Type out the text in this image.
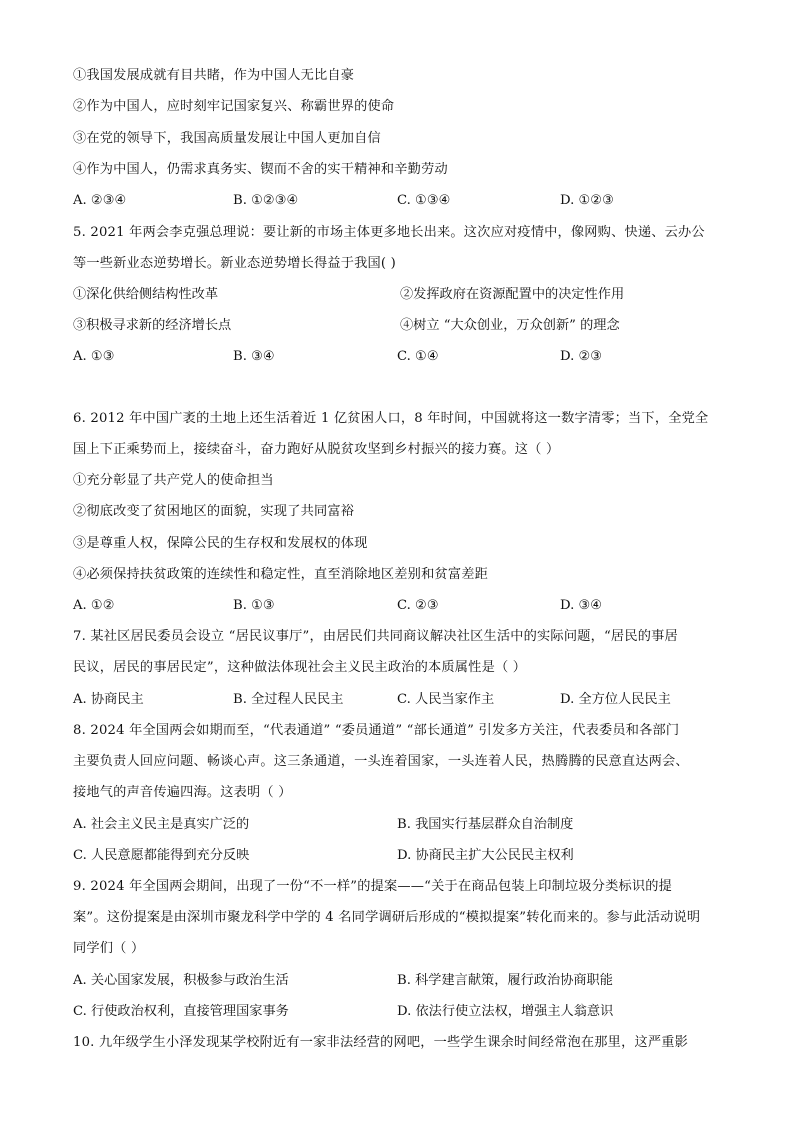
①我国发展成就有目共睹，作为中国人无比自豪
②作为中国人，应时刻牢记国家复兴、称霸世界的使命
③在党的领导下，我国高质量发展让中国人更加自信
④作为中国人，仍需求真务实、锲而不舍的实干精神和辛勤劳动
A. ②③④	B. ①②③④	C. ①③④	D. ①②③
5. 2021 年两会李克强总理说：要让新的市场主体更多地长出来。这次应对疫情中，像网购、快递、云办公
等一些新业态逆势增长。新业态逆势增长得益于我国( )
①深化供给侧结构性改革	②发挥政府在资源配置中的决定性作用
③积极寻求新的经济增长点	④树立 “大众创业，万众创新” 的理念
A. ①③	B. ③④	C. ①④	D. ②③
6. 2012 年中国广袤的土地上还生活着近 1 亿贫困人口，8 年时间，中国就将这一数字清零；当下，全党全
国上下正乘势而上，接续奋斗，奋力跑好从脱贫攻坚到乡村振兴的接力赛。这（ ）
①充分彰显了共产党人的使命担当
②彻底改变了贫困地区的面貌，实现了共同富裕
③是尊重人权，保障公民的生存权和发展权的体现
④必须保持扶贫政策的连续性和稳定性，直至消除地区差别和贫富差距
A. ①②	B. ①③	C. ②③	D. ③④
7. 某社区居民委员会设立 “居民议事厅”，由居民们共同商议解决社区生活中的实际问题，“居民的事居
民议，居民的事居民定”，这种做法体现社会主义民主政治的本质属性是（ ）
A. 协商民主	B. 全过程人民民主	C. 人民当家作主	D. 全方位人民民主
8. 2024 年全国两会如期而至，“代表通道” “委员通道” “部长通道” 引发多方关注，代表委员和各部门
主要负责人回应问题、畅谈心声。这三条通道，一头连着国家，一头连着人民，热腾腾的民意直达两会、
接地气的声音传遍四海。这表明（ ）
A. 社会主义民主是真实广泛的	B. 我国实行基层群众自治制度
C. 人民意愿都能得到充分反映	D. 协商民主扩大公民民主权利
9. 2024 年全国两会期间，出现了一份“不一样”的提案——“关于在商品包装上印制垃圾分类标识的提
案”。这份提案是由深圳市聚龙科学中学的 4 名同学调研后形成的“模拟提案”转化而来的。参与此活动说明
同学们（ ）
A. 关心国家发展，积极参与政治生活	B. 科学建言献策，履行政治协商职能
C. 行使政治权利，直接管理国家事务	D. 依法行使立法权，增强主人翁意识
10. 九年级学生小泽发现某学校附近有一家非法经营的网吧，一些学生课余时间经常泡在那里，这严重影
